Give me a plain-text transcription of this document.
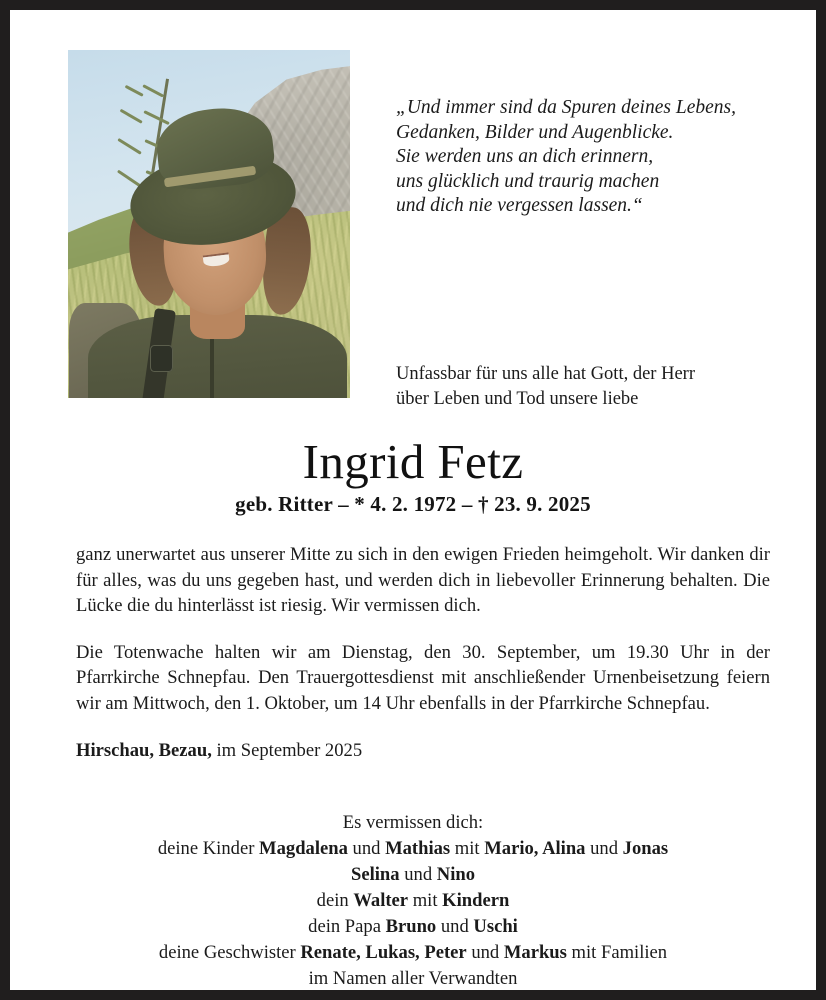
„Und immer sind da Spuren deines Lebens,
Gedanken, Bilder und Augenblicke.
Sie werden uns an dich erinnern,
uns glücklich und traurig machen
und dich nie vergessen lassen.“
Unfassbar für uns alle hat Gott, der Herr
über Leben und Tod unsere liebe
Ingrid Fetz
geb. Ritter – * 4. 2. 1972 – † 23. 9. 2025

ganz unerwartet aus unserer Mitte zu sich in den ewigen Frieden heimgeholt. Wir danken dir für alles, was du uns gegeben hast, und werden dich in liebevoller Erinnerung behalten. Die Lücke die du hinterlässt ist riesig. Wir vermissen dich.

Die Totenwache halten wir am Dienstag, den 30. September, um 19.30 Uhr in der Pfarrkirche Schnepfau. Den Trauergottesdienst mit anschließender Urnenbeisetzung feiern wir am Mittwoch, den 1. Oktober, um 14 Uhr ebenfalls in der Pfarrkirche Schnepfau.

Hirschau, Bezau, im September 2025

Es vermissen dich:
deine Kinder Magdalena und Mathias mit Mario, Alina und Jonas
Selina und Nino
dein Walter mit Kindern
dein Papa Bruno und Uschi
deine Geschwister Renate, Lukas, Peter und Markus mit Familien
im Namen aller Verwandten
